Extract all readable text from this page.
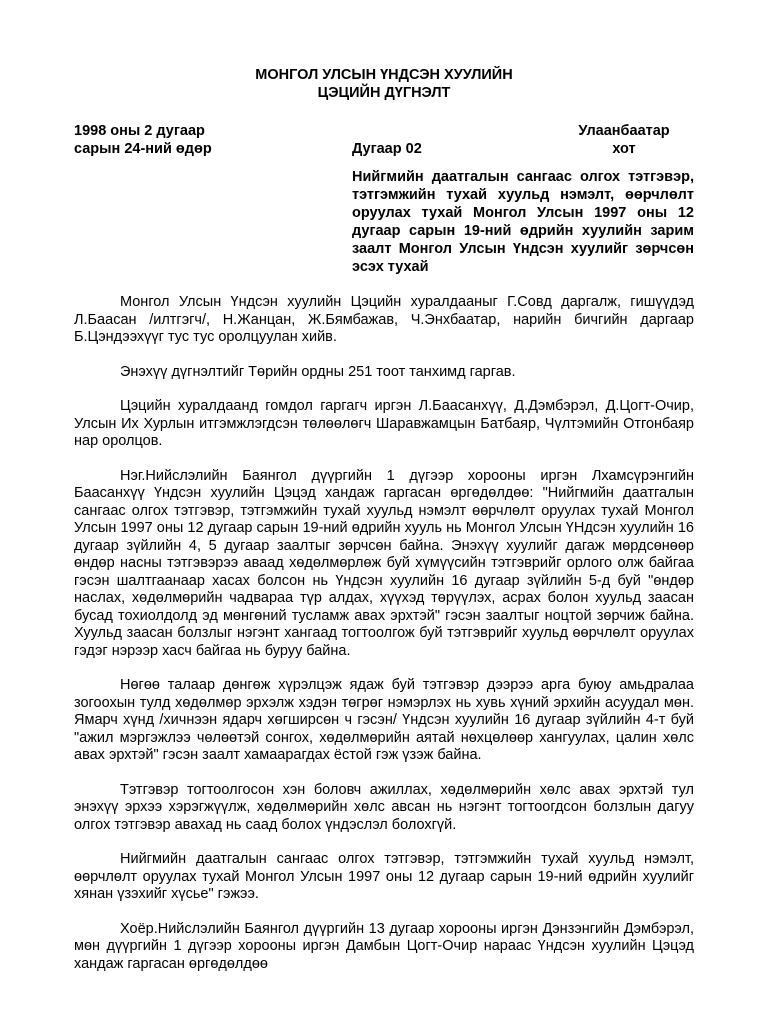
МОНГОЛ УЛСЫН ҮНДСЭН ХУУЛИЙН

ЦЭЦИЙН ДҮГНЭЛТ

1998 оны 2 дугаар
сарын 24-ний өдөр	Дугаар 02
Улаанбаатар
хот
Нийгмийн даатгалын сангаас олгох тэтгэвэр, тэтгэмжийн тухай хуульд нэмэлт, өөрчлөлт оруулах тухай Монгол Улсын 1997 оны 12 дугаар сарын 19-ний өдрийн хуулийн зарим заалт Монгол Улсын Үндсэн хуулийг зөрчсөн эсэх тухай

Монгол Улсын Үндсэн хуулийн Цэцийн хуралдааныг Г.Совд даргалж, гишүүдэд Л.Баасан /илтгэгч/, Н.Жанцан, Ж.Бямбажав, Ч.Энхбаатар, нарийн бичгийн даргаар Б.Цэндээхүүг тус тус оролцуулан хийв.

Энэхүү дүгнэлтийг Төрийн ордны 251 тоот танхимд гаргав.

Цэцийн хуралдаанд гомдол гаргагч иргэн Л.Баасанхүү, Д.Дэмбэрэл, Д.Цогт-Очир, Улсын Их Хурлын итгэмжлэгдсэн төлөөлөгч Шаравжамцын Батбаяр, Чүлтэмийн Отгонбаяр нар оролцов.

Нэг.Нийслэлийн Баянгол дүүргийн 1 дүгээр хорооны иргэн Лхамсүрэнгийн Баасанхүү Үндсэн хуулийн Цэцэд хандаж гаргасан өргөдөлдөө: "Нийгмийн даатгалын сангаас олгох тэтгэвэр, тэтгэмжийн тухай хуульд нэмэлт өөрчлөлт оруулах тухай Монгол Улсын 1997 оны 12 дугаар сарын 19-ний өдрийн хууль нь Монгол Улсын ҮНдсэн хуулийн 16 дугаар зүйлийн 4, 5 дугаар заалтыг зөрчсөн байна. Энэхүү хуулийг дагаж мөрдсөнөөр өндөр насны тэтгэвэрээ аваад хөдөлмөрлөж буй хүмүүсийн тэтгэврийг орлого олж байгаа гэсэн шалтгаанаар хасах болсон нь Үндсэн хуулийн 16 дугаар зүйлийн 5-д буй "өндөр наслах, хөдөлмөрийн чадвараа түр алдах, хүүхэд төрүүлэх, асрах болон хуульд заасан бусад тохиолдолд эд мөнгөний тусламж авах эрхтэй" гэсэн заалтыг ноцтой зөрчиж байна. Хуульд заасан болзлыг нэгэнт хангаад тогтоолгож буй тэтгэврийг хуульд өөрчлөлт оруулах гэдэг нэрээр хасч байгаа нь буруу байна.

Нөгөө талаар дөнгөж хүрэлцэж ядаж буй тэтгэвэр дээрээ арга буюу амьдралаа зогоохын тулд хөдөлмөр эрхэлж хэдэн төгрөг нэмэрлэх нь хувь хүний эрхийн асуудал мөн. Ямарч хүнд /хичнээн ядарч хөгширсөн ч гэсэн/ Үндсэн хуулийн 16 дугаар зүйлийн 4-т буй "ажил мэргэжлээ чөлөөтэй сонгох, хөдөлмөрийн аятай нөхцөлөөр хангуулах, цалин хөлс авах эрхтэй" гэсэн заалт хамаарагдах ёстой гэж үзэж байна.

Тэтгэвэр тогтоолгосон хэн боловч ажиллах, хөдөлмөрийн хөлс авах эрхтэй тул энэхүү эрхээ хэрэгжүүлж, хөдөлмөрийн хөлс авсан нь нэгэнт тогтоогдсон болзлын дагуу олгох тэтгэвэр авахад нь саад болох үндэслэл болохгүй.

Нийгмийн даатгалын сангаас олгох тэтгэвэр, тэтгэмжийн тухай хуульд нэмэлт, өөрчлөлт оруулах тухай Монгол Улсын 1997 оны 12 дугаар сарын 19-ний өдрийн хуулийг хянан үзэхийг хүсье" гэжээ.

Хоёр.Нийслэлийн Баянгол дүүргийн 13 дугаар хорооны иргэн Дэнзэнгийн Дэмбэрэл, мөн дүүргийн 1 дүгээр хорооны иргэн Дамбын Цогт-Очир нараас Үндсэн хуулийн Цэцэд хандаж гаргасан өргөдөлдөө
